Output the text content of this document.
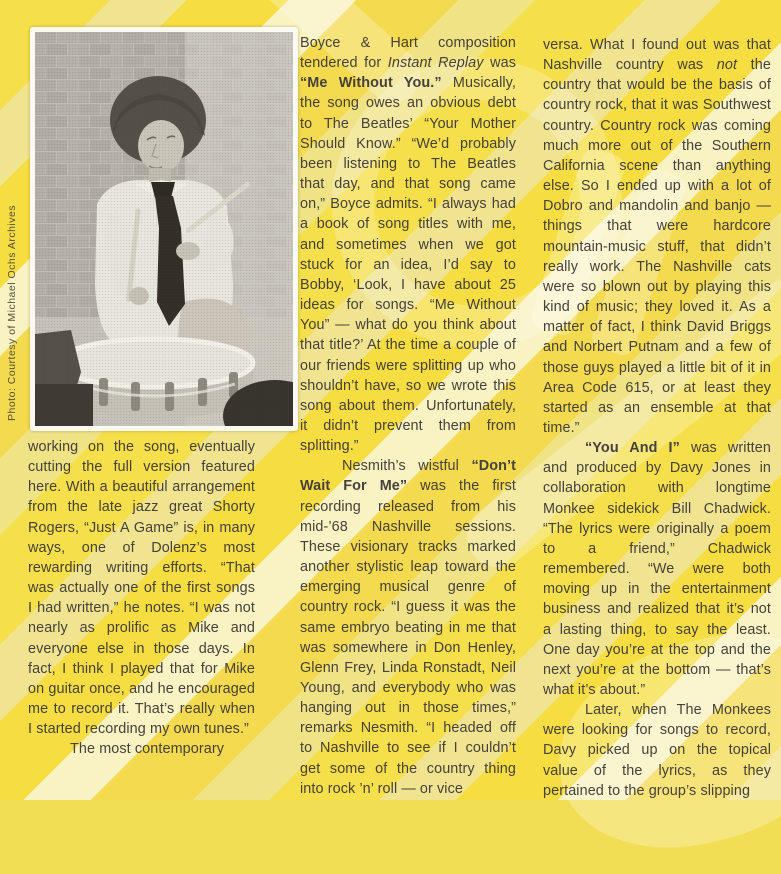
Photo: Courtesy of Michael Ochs Archives

working on the song, eventually cutting the full version featured here. With a beautiful arrangement from the late jazz great Shorty Rogers, “Just A Game” is, in many ways, one of Dolenz’s most rewarding writing efforts. “That was actually one of the first songs I had written,” he notes. “I was not nearly as prolific as Mike and everyone else in those days. In fact, I think I played that for Mike on guitar once, and he encouraged me to record it. That’s really when I started recording my own tunes.”

The most contemporary

Boyce & Hart composition tendered for Instant Replay was “Me Without You.” Musically, the song owes an obvious debt to The Beatles’ “Your Mother Should Know.” “We’d probably been listening to The Beatles that day, and that song came on,” Boyce admits. “I always had a book of song titles with me, and sometimes when we got stuck for an idea, I’d say to Bobby, ‘Look, I have about 25 ideas for songs. “Me Without You” — what do you think about that title?’ At the time a couple of our friends were splitting up who shouldn’t have, so we wrote this song about them. Unfortunately, it didn’t prevent them from splitting.”

Nesmith’s wistful “Don’t Wait For Me” was the first recording released from his mid-’68 Nashville sessions. These visionary tracks marked another stylistic leap toward the emerging musical genre of country rock. “I guess it was the same embryo beating in me that was somewhere in Don Henley, Glenn Frey, Linda Ronstadt, Neil Young, and everybody who was hanging out in those times,” remarks Nesmith. “I headed off to Nashville to see if I couldn’t get some of the country thing into rock ’n’ roll — or vice

versa. What I found out was that Nashville country was not the country that would be the basis of country rock, that it was Southwest country. Country rock was coming much more out of the Southern California scene than anything else. So I ended up with a lot of Dobro and mandolin and banjo — things that were hardcore mountain-music stuff, that didn’t really work. The Nashville cats were so blown out by playing this kind of music; they loved it. As a matter of fact, I think David Briggs and Norbert Putnam and a few of those guys played a little bit of it in Area Code 615, or at least they started as an ensemble at that time.”

“You And I” was written and produced by Davy Jones in collaboration with longtime Monkee sidekick Bill Chadwick. “The lyrics were originally a poem to a friend,” Chadwick remembered. “We were both moving up in the entertainment business and realized that it’s not a lasting thing, to say the least. One day you’re at the top and the next you’re at the bottom — that’s what it’s about.”

Later, when The Monkees were looking for songs to record, Davy picked up on the topical value of the lyrics, as they pertained to the group’s slipping
